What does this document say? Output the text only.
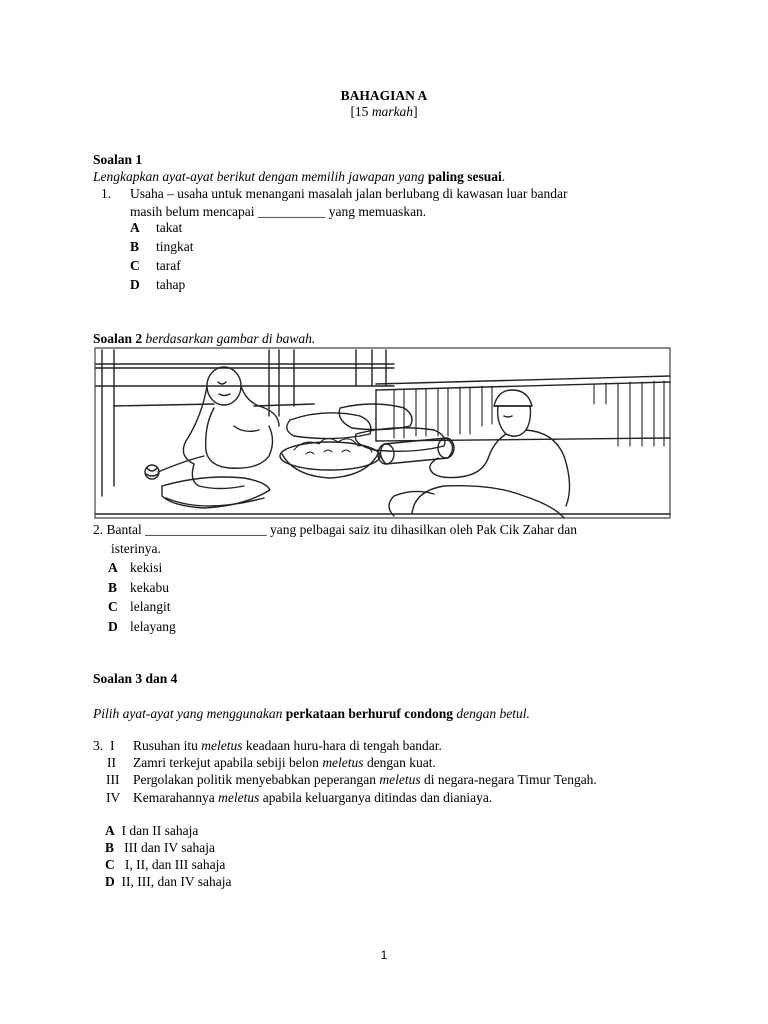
BAHAGIAN A
[15 markah]
Soalan 1
Lengkapkan ayat-ayat berikut dengan memilih jawapan yang paling sesuai.
1. Usaha – usaha untuk menangani masalah jalan berlubang di kawasan luar bandar
masih belum mencapai __________ yang memuaskan.
A takat
B tingkat
C taraf
D tahap
Soalan 2 berdasarkan gambar di bawah.
2. Bantal __________________ yang pelbagai saiz itu dihasilkan oleh Pak Cik Zahar dan
isterinya.
A kekisi
B kekabu
C lelangit
D lelayang
Soalan 3 dan 4
Pilih ayat-ayat yang menggunakan perkataan berhuruf condong dengan betul.
3. I Rusuhan itu meletus keadaan huru-hara di tengah bandar.
II Zamri terkejut apabila sebiji belon meletus dengan kuat.
III Pergolakan politik menyebabkan peperangan meletus di negara-negara Timur Tengah.
IV Kemarahannya meletus apabila keluarganya ditindas dan dianiaya.
A I dan II sahaja
B III dan IV sahaja
C I, II, dan III sahaja
D II, III, dan IV sahaja
1
